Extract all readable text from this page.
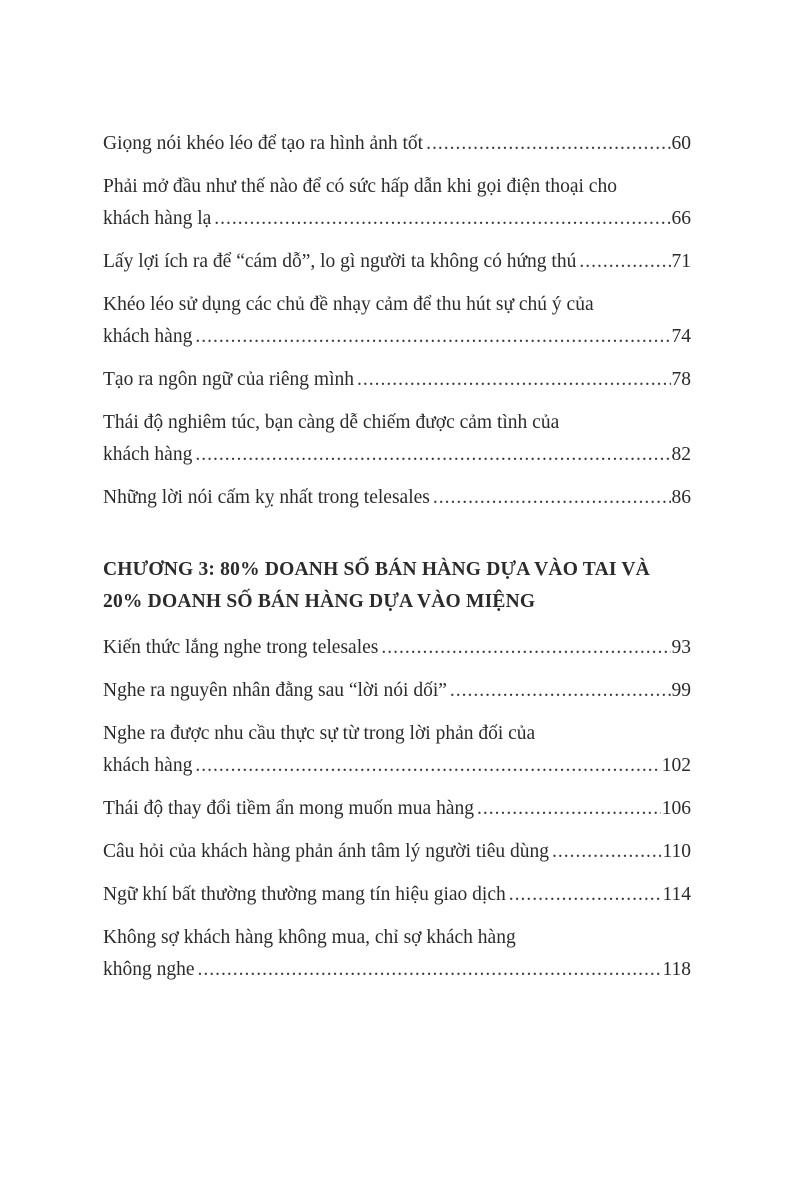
Giọng nói khéo léo để tạo ra hình ảnh tốt .....	60
Phải mở đầu như thế nào để có sức hấp dẫn khi gọi điện thoại cho
khách hàng lạ .....	66
Lấy lợi ích ra để “cám dỗ”, lo gì người ta không có hứng thú .....	71
Khéo léo sử dụng các chủ đề nhạy cảm để thu hút sự chú ý của
khách hàng .....	74
Tạo ra ngôn ngữ của riêng mình .....	78
Thái độ nghiêm túc, bạn càng dễ chiếm được cảm tình của
khách hàng .....	82
Những lời nói cấm kỵ nhất trong telesales .....	86
CHƯƠNG 3: 80% DOANH SỐ BÁN HÀNG DỰA VÀO TAI VÀ
20% DOANH SỐ BÁN HÀNG DỰA VÀO MIỆNG
Kiến thức lắng nghe trong telesales .....	93
Nghe ra nguyên nhân đằng sau “lời nói dối” .....	99
Nghe ra được nhu cầu thực sự từ trong lời phản đối của
khách hàng .....	102
Thái độ thay đổi tiềm ẩn mong muốn mua hàng .....	106
Câu hỏi của khách hàng phản ánh tâm lý người tiêu dùng .....	110
Ngữ khí bất thường thường mang tín hiệu giao dịch .....	114
Không sợ khách hàng không mua, chỉ sợ khách hàng
không nghe .....	118
